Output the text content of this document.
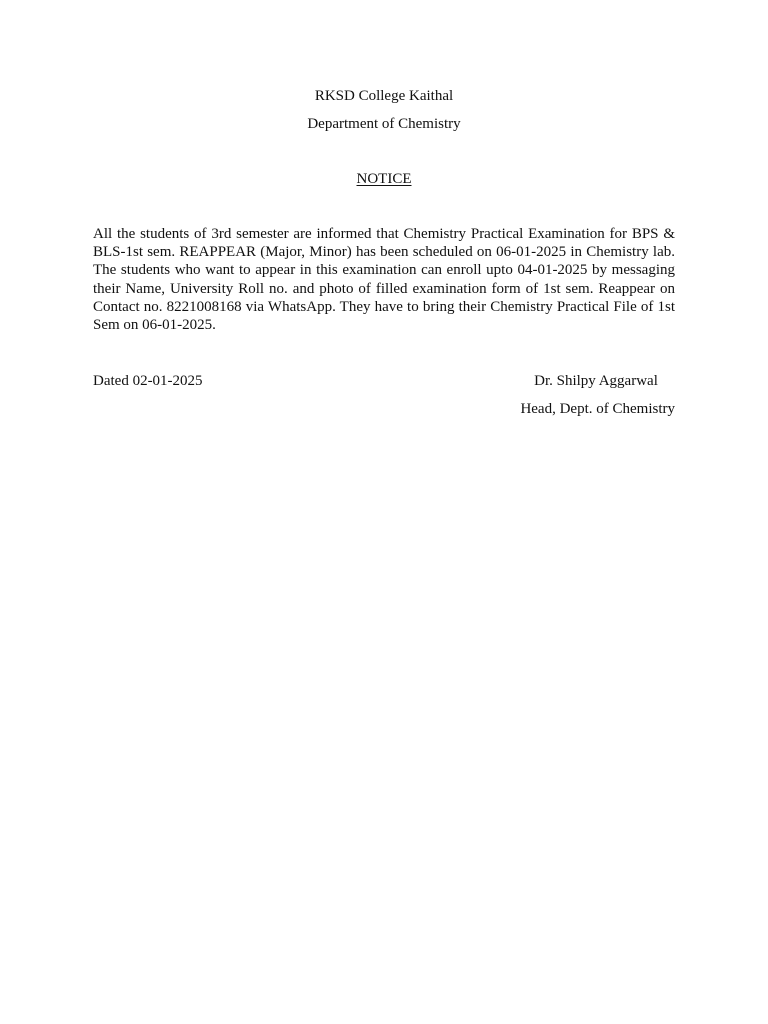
RKSD College Kaithal
Department of Chemistry
NOTICE
All the students of 3rd semester are informed that Chemistry Practical Examination for BPS & BLS-1st sem. REAPPEAR (Major, Minor) has been scheduled on 06-01-2025 in Chemistry lab. The students who want to appear in this examination can enroll upto 04-01-2025 by messaging their Name, University Roll no. and photo of filled examination form of 1st sem. Reappear on Contact no. 8221008168 via WhatsApp. They have to bring their Chemistry Practical File of 1st Sem on 06-01-2025.
Dated 02-01-2025	Dr. Shilpy Aggarwal
Head, Dept. of Chemistry
